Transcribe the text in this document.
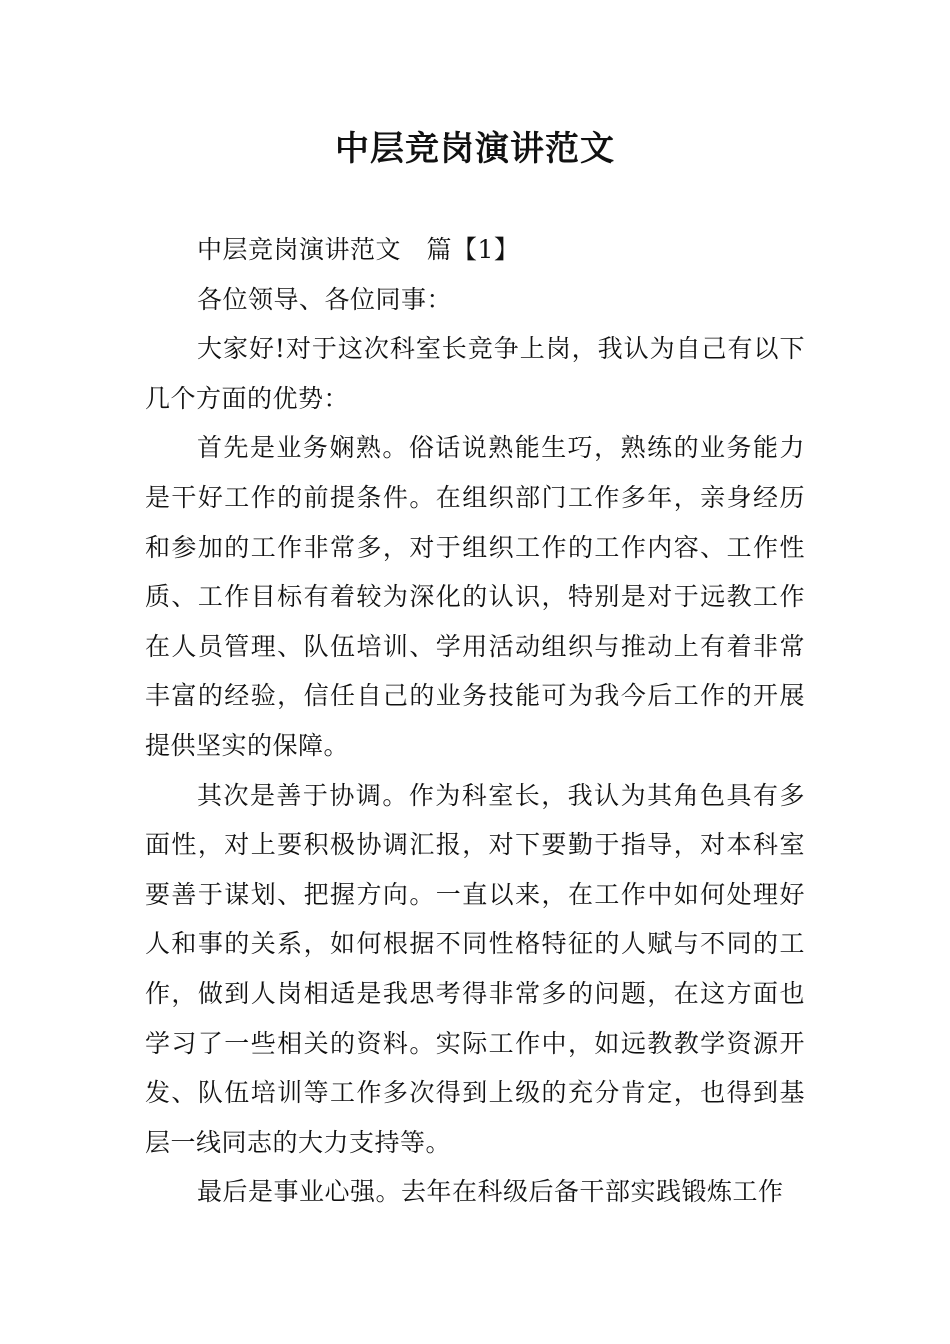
中层竞岗演讲范文

中层竞岗演讲范文　篇【1】

各位领导、各位同事：

大家好!对于这次科室长竞争上岗，我认为自己有以下几个方面的优势：

首先是业务娴熟。俗话说熟能生巧，熟练的业务能力是干好工作的前提条件。在组织部门工作多年，亲身经历和参加的工作非常多，对于组织工作的工作内容、工作性质、工作目标有着较为深化的认识，特别是对于远教工作在人员管理、队伍培训、学用活动组织与推动上有着非常丰富的经验，信任自己的业务技能可为我今后工作的开展提供坚实的保障。

其次是善于协调。作为科室长，我认为其角色具有多面性，对上要积极协调汇报，对下要勤于指导，对本科室要善于谋划、把握方向。一直以来，在工作中如何处理好人和事的关系，如何根据不同性格特征的人赋与不同的工作，做到人岗相适是我思考得非常多的问题，在这方面也学习了一些相关的资料。实际工作中，如远教教学资源开发、队伍培训等工作多次得到上级的充分肯定，也得到基层一线同志的大力支持等。

最后是事业心强。去年在科级后备干部实践锻炼工作
